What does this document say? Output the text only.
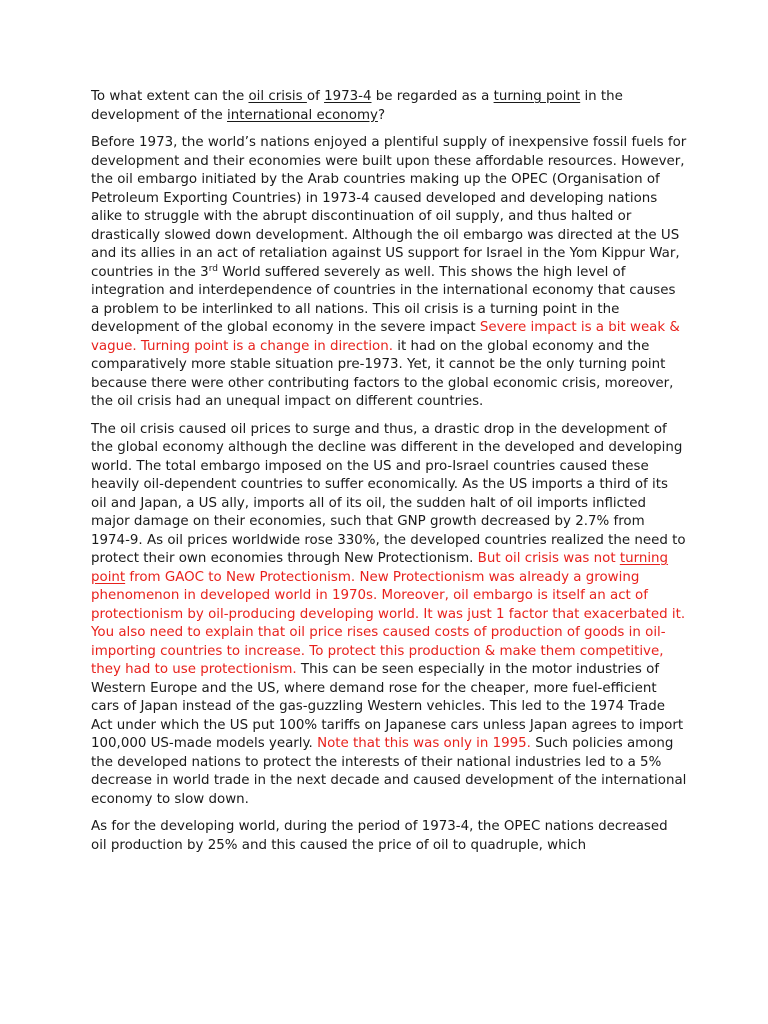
To what extent can the oil crisis of 1973-4 be regarded as a turning point in the development of the international economy?

Before 1973, the world’s nations enjoyed a plentiful supply of inexpensive fossil fuels for development and their economies were built upon these affordable resources. However, the oil embargo initiated by the Arab countries making up the OPEC (Organisation of Petroleum Exporting Countries) in 1973-4 caused developed and developing nations alike to struggle with the abrupt discontinuation of oil supply, and thus halted or drastically slowed down development. Although the oil embargo was directed at the US and its allies in an act of retaliation against US support for Israel in the Yom Kippur War, countries in the 3rd World suffered severely as well. This shows the high level of integration and interdependence of countries in the international economy that causes a problem to be interlinked to all nations. This oil crisis is a turning point in the development of the global economy in the severe impact Severe impact is a bit weak & vague. Turning point is a change in direction. it had on the global economy and the comparatively more stable situation pre-1973. Yet, it cannot be the only turning point because there were other contributing factors to the global economic crisis, moreover, the oil crisis had an unequal impact on different countries.

The oil crisis caused oil prices to surge and thus, a drastic drop in the development of the global economy although the decline was different in the developed and developing world. The total embargo imposed on the US and pro-Israel countries caused these heavily oil-dependent countries to suffer economically. As the US imports a third of its oil and Japan, a US ally, imports all of its oil, the sudden halt of oil imports inflicted major damage on their economies, such that GNP growth decreased by 2.7% from 1974-9. As oil prices worldwide rose 330%, the developed countries realized the need to protect their own economies through New Protectionism. But oil crisis was not turning point from GAOC to New Protectionism. New Protectionism was already a growing phenomenon in developed world in 1970s. Moreover, oil embargo is itself an act of protectionism by oil-producing developing world. It was just 1 factor that exacerbated it. You also need to explain that oil price rises caused costs of production of goods in oil-importing countries to increase. To protect this production & make them competitive, they had to use protectionism. This can be seen especially in the motor industries of Western Europe and the US, where demand rose for the cheaper, more fuel-efficient cars of Japan instead of the gas-guzzling Western vehicles. This led to the 1974 Trade Act under which the US put 100% tariffs on Japanese cars unless Japan agrees to import 100,000 US-made models yearly. Note that this was only in 1995. Such policies among the developed nations to protect the interests of their national industries led to a 5% decrease in world trade in the next decade and caused development of the international economy to slow down.

As for the developing world, during the period of 1973-4, the OPEC nations decreased oil production by 25% and this caused the price of oil to quadruple, which
